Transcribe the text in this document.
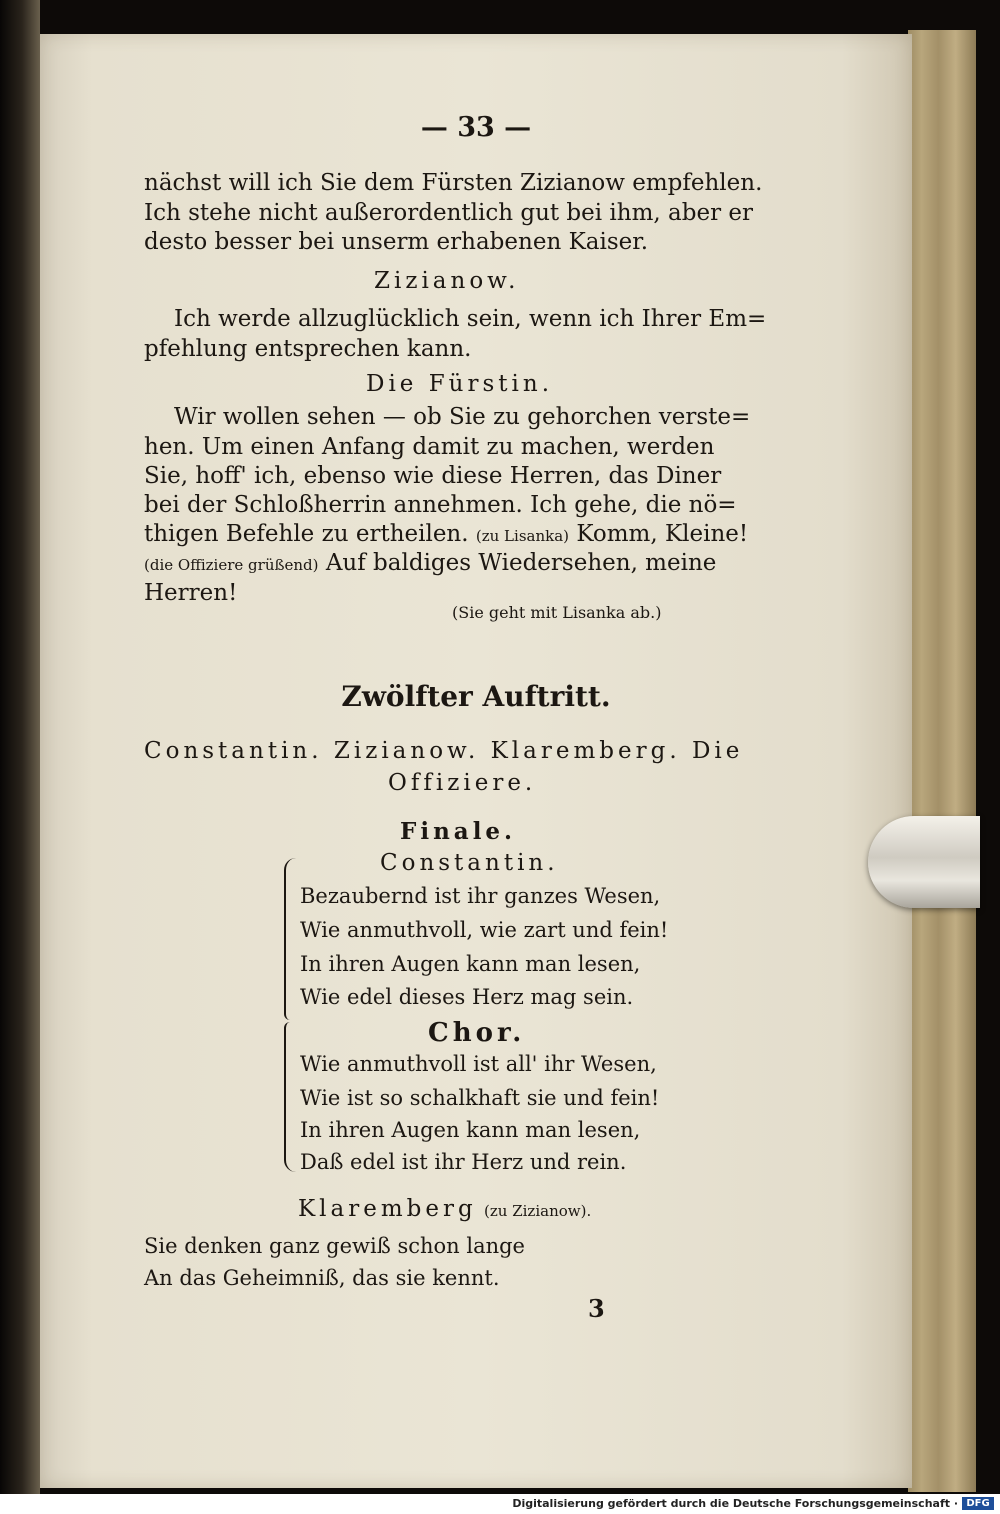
— 33 —
nächst will ich Sie dem Fürsten Zizianow empfehlen.
Ich stehe nicht außerordentlich gut bei ihm, aber er
desto besser bei unserm erhabenen Kaiser.
Zizianow.
Ich werde allzuglücklich sein, wenn ich Ihrer Em=
pfehlung entsprechen kann.
Die Fürstin.
Wir wollen sehen — ob Sie zu gehorchen verste=
hen. Um einen Anfang damit zu machen, werden
Sie, hoff' ich, ebenso wie diese Herren, das Diner
bei der Schloßherrin annehmen. Ich gehe, die nö=
thigen Befehle zu ertheilen. (zu Lisanka) Komm, Kleine!
(die Offiziere grüßend) Auf baldiges Wiedersehen, meine
Herren!
(Sie geht mit Lisanka ab.)
Zwölfter Auftritt.
Constantin. Zizianow. Klaremberg. Die
Offiziere.
Finale.
Constantin.
Bezaubernd ist ihr ganzes Wesen,
Wie anmuthvoll, wie zart und fein!
In ihren Augen kann man lesen,
Wie edel dieses Herz mag sein.
Chor.
Wie anmuthvoll ist all' ihr Wesen,
Wie ist so schalkhaft sie und fein!
In ihren Augen kann man lesen,
Daß edel ist ihr Herz und rein.
Klaremberg (zu Zizianow).
Sie denken ganz gewiß schon lange
An das Geheimniß, das sie kennt.
3
Digitalisierung gefördert durch die Deutsche Forschungsgemeinschaft · DFG
